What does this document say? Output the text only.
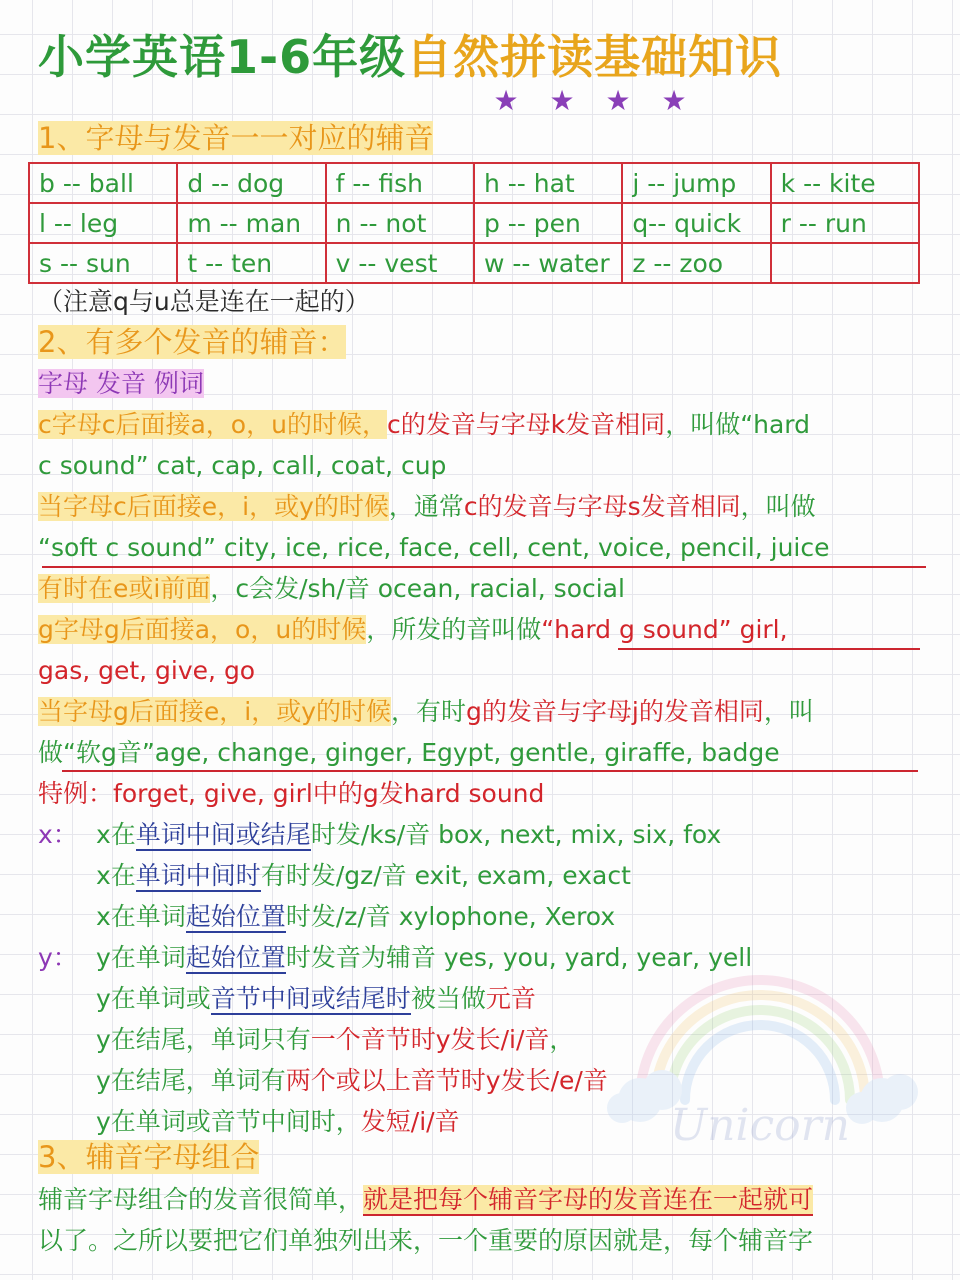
小学英语1-6年级自然拼读基础知识
★ ★ ★ ★
1、字母与发音一一对应的辅音
b -- ball	d -- dog	f -- fish	h -- hat	j -- jump	k -- kite
l -- leg	m -- man	n -- not	p -- pen	q-- quick	r -- run
s -- sun	t -- ten	v -- vest	w -- water	z -- zoo	
（注意q与u总是连在一起的）
2、有多个发音的辅音：
字母 发音 例词
c字母c后面接a，o，u的时候，c的发音与字母k发音相同，叫做“hard
c sound” cat, cap, call, coat, cup
当字母c后面接e，i，或y的时候，通常c的发音与字母s发音相同，叫做
“soft c sound” city, ice, rice, face, cell, cent, voice, pencil, juice
有时在e或i前面，c会发/sh/音 ocean, racial, social
g字母g后面接a，o，u的时候，所发的音叫做“hard g sound” girl,
gas, get, give, go
当字母g后面接e，i，或y的时候，有时g的发音与字母j的发音相同，叫
做“软g音”age, change, ginger, Egypt, gentle, giraffe, badge
特例：forget, give, girl中的g发hard sound
x： x在单词中间或结尾时发/ks/音 box, next, mix, six, fox
x在单词中间时有时发/gz/音 exit, exam, exact
x在单词起始位置时发/z/音 xylophone, Xerox
y： y在单词起始位置时发音为辅音 yes, you, yard, year, yell
y在单词或音节中间或结尾时被当做元音
y在结尾，单词只有一个音节时y发长/i/音，
y在结尾，单词有两个或以上音节时y发长/e/音
y在单词或音节中间时，发短/i/音
3、辅音字母组合
辅音字母组合的发音很简单，就是把每个辅音字母的发音连在一起就可
以了。之所以要把它们单独列出来，一个重要的原因就是，每个辅音字
Unicorn
